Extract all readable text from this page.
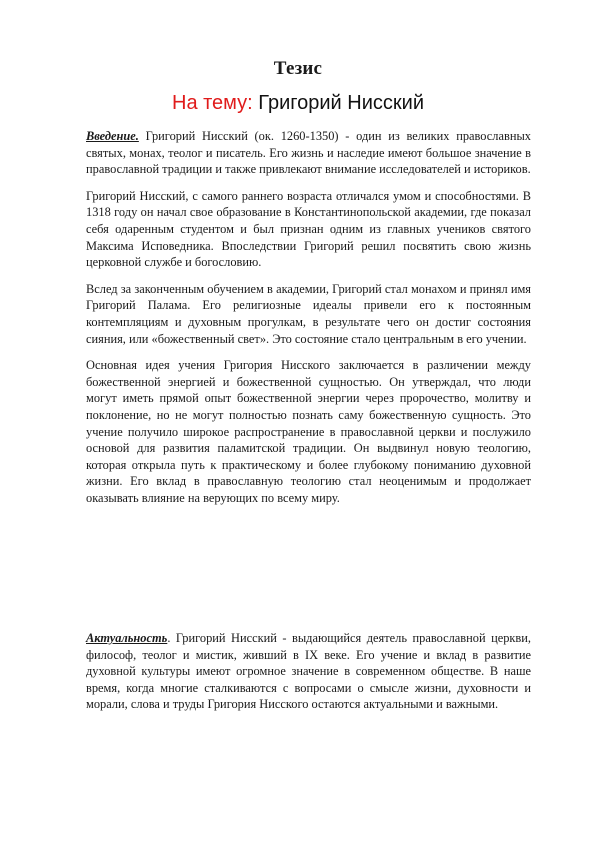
Тезис
На тему: Григорий Нисский

Введение. Григорий Нисский (ок. 1260-1350) - один из великих православных святых, монах, теолог и писатель. Его жизнь и наследие имеют большое значение в православной традиции и также привлекают внимание исследователей и историков.

Григорий Нисский, с самого раннего возраста отличался умом и способностями. В 1318 году он начал свое образование в Константинопольской академии, где показал себя одаренным студентом и был признан одним из главных учеников святого Максима Исповедника. Впоследствии Григорий решил посвятить свою жизнь церковной службе и богословию.

Вслед за законченным обучением в академии, Григорий стал монахом и принял имя Григорий Палама. Его религиозные идеалы привели его к постоянным контемпляциям и духовным прогулкам, в результате чего он достиг состояния сияния, или «божественный свет». Это состояние стало центральным в его учении.

Основная идея учения Григория Нисского заключается в различении между божественной энергией и божественной сущностью. Он утверждал, что люди могут иметь прямой опыт божественной энергии через пророчество, молитву и поклонение, но не могут полностью познать саму божественную сущность. Это учение получило широкое распространение в православной церкви и послужило основой для развития паламитской традиции. Он выдвинул новую теологию, которая открыла путь к практическому и более глубокому пониманию духовной жизни. Его вклад в православную теологию стал неоценимым и продолжает оказывать влияние на верующих по всему миру.

Актуальность. Григорий Нисский - выдающийся деятель православной церкви, философ, теолог и мистик, живший в IX веке. Его учение и вклад в развитие духовной культуры имеют огромное значение в современном обществе. В наше время, когда многие сталкиваются с вопросами о смысле жизни, духовности и морали, слова и труды Григория Нисского остаются актуальными и важными.
